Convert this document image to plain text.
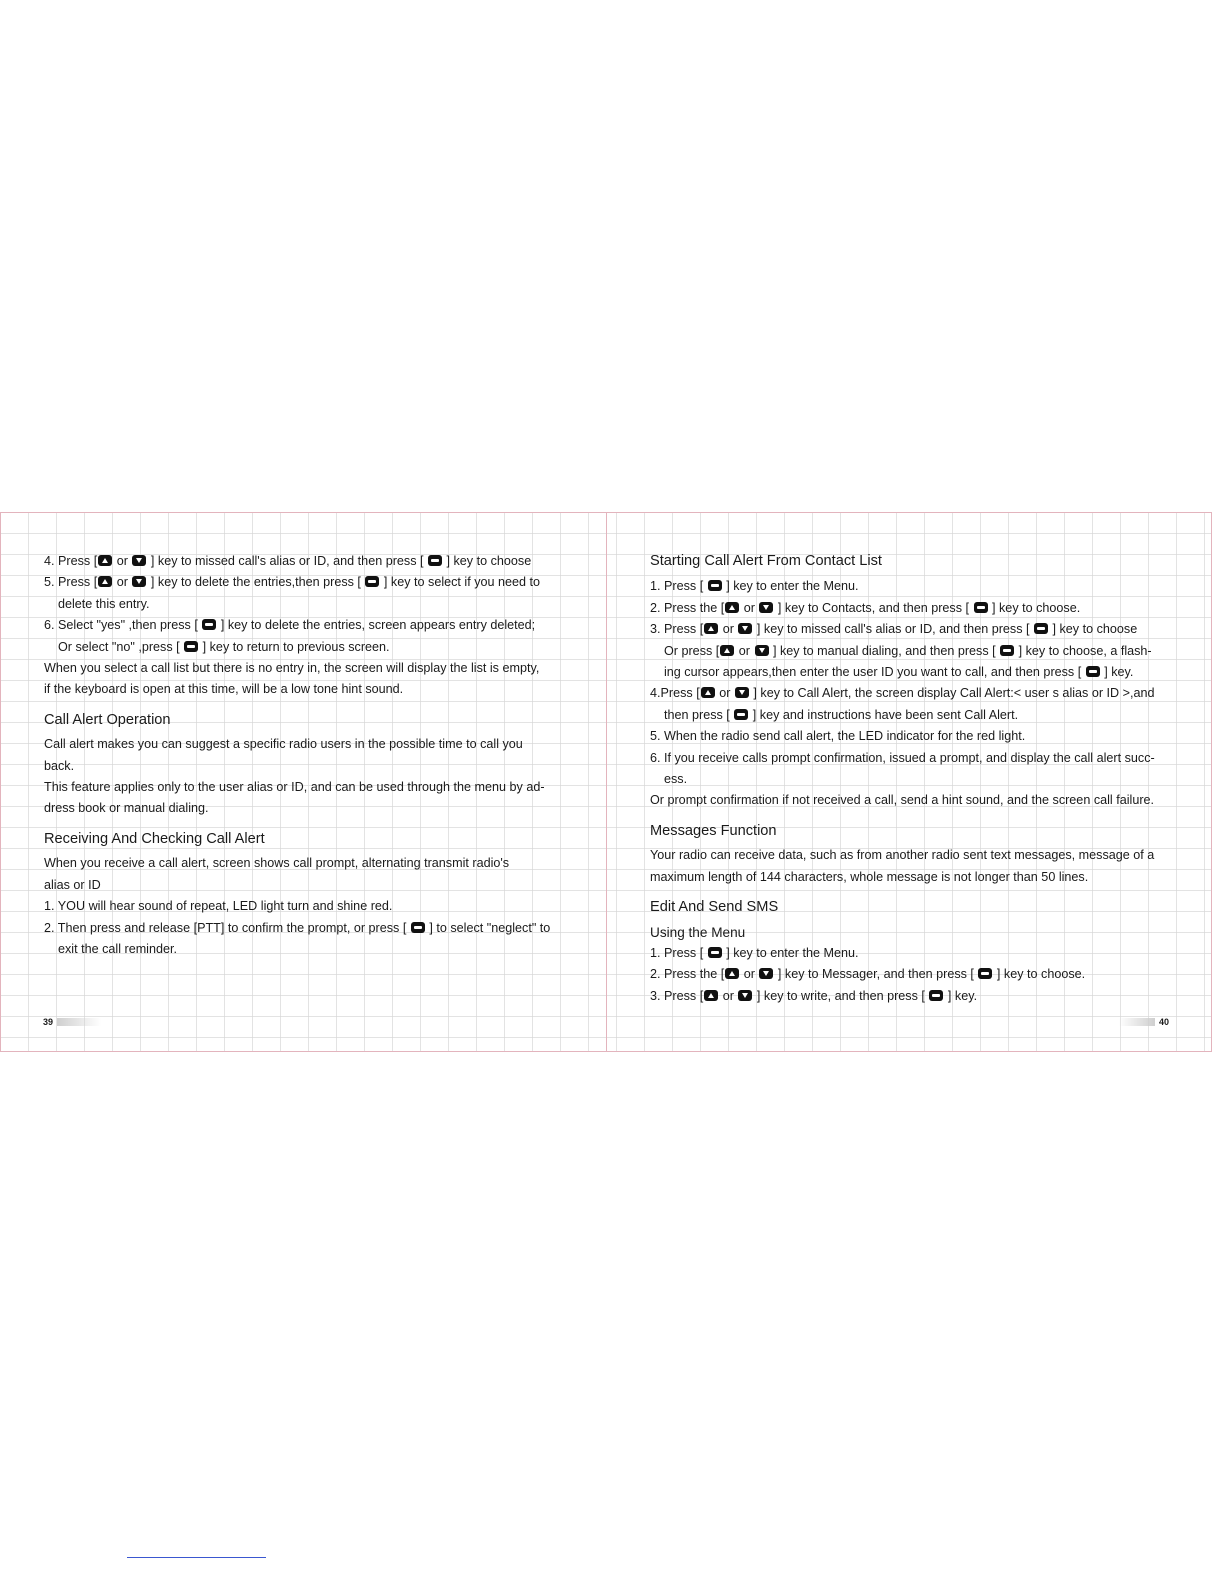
4. Press [ or  ] key to missed call's alias or ID, and then press [  ] key to choose
5. Press [ or  ] key to delete the entries,then press [  ] key to select if you need to
delete this entry.
6. Select "yes" ,then press [  ] key to delete the entries, screen appears entry deleted;
Or select "no" ,press [  ] key to return to previous screen.
When you select a call list but there is no entry in, the screen will display the list is empty,
if the keyboard is open at this time, will be a low tone hint sound.
Call Alert Operation
Call alert makes you can suggest a specific radio users in the possible time to call you
back.
This feature applies only to the user alias or ID, and can be used through the menu by ad-
dress book or manual dialing.
Receiving And Checking Call Alert
When you receive a call alert, screen shows call prompt, alternating transmit radio's
alias or ID
1. YOU will hear sound of repeat, LED light turn and shine red.
2. Then press and release [PTT] to confirm the prompt, or press [  ] to select "neglect" to
exit the call reminder.
39
Starting Call Alert From Contact List
1. Press [  ] key to enter the Menu.
2. Press the [ or  ] key to Contacts, and then press [  ] key to choose.
3. Press [ or  ] key to missed call's alias or ID, and then press [  ] key to choose
Or press [ or  ] key to manual dialing, and then press [  ] key to choose, a flash-
ing cursor appears,then enter the user ID you want to call, and then press [  ] key.
4.Press [ or  ] key to Call Alert, the screen display Call Alert:< user s alias or ID >,and
then press [  ] key and instructions have been sent Call Alert.
5. When the radio send call alert, the LED indicator for the red light.
6. If you receive calls prompt confirmation, issued a prompt, and display the call alert succ-
ess.
Or prompt confirmation if not received a call, send a hint sound, and the screen call failure.
Messages Function
Your radio can receive data, such as from another radio sent text messages, message of a
maximum length of 144 characters, whole message is not longer than 50 lines.
Edit And Send SMS
Using the Menu
1. Press [  ] key to enter the Menu.
2. Press the [ or  ] key to Messager, and then press [  ] key to choose.
3. Press [ or  ] key to write, and then press [  ] key.
40
